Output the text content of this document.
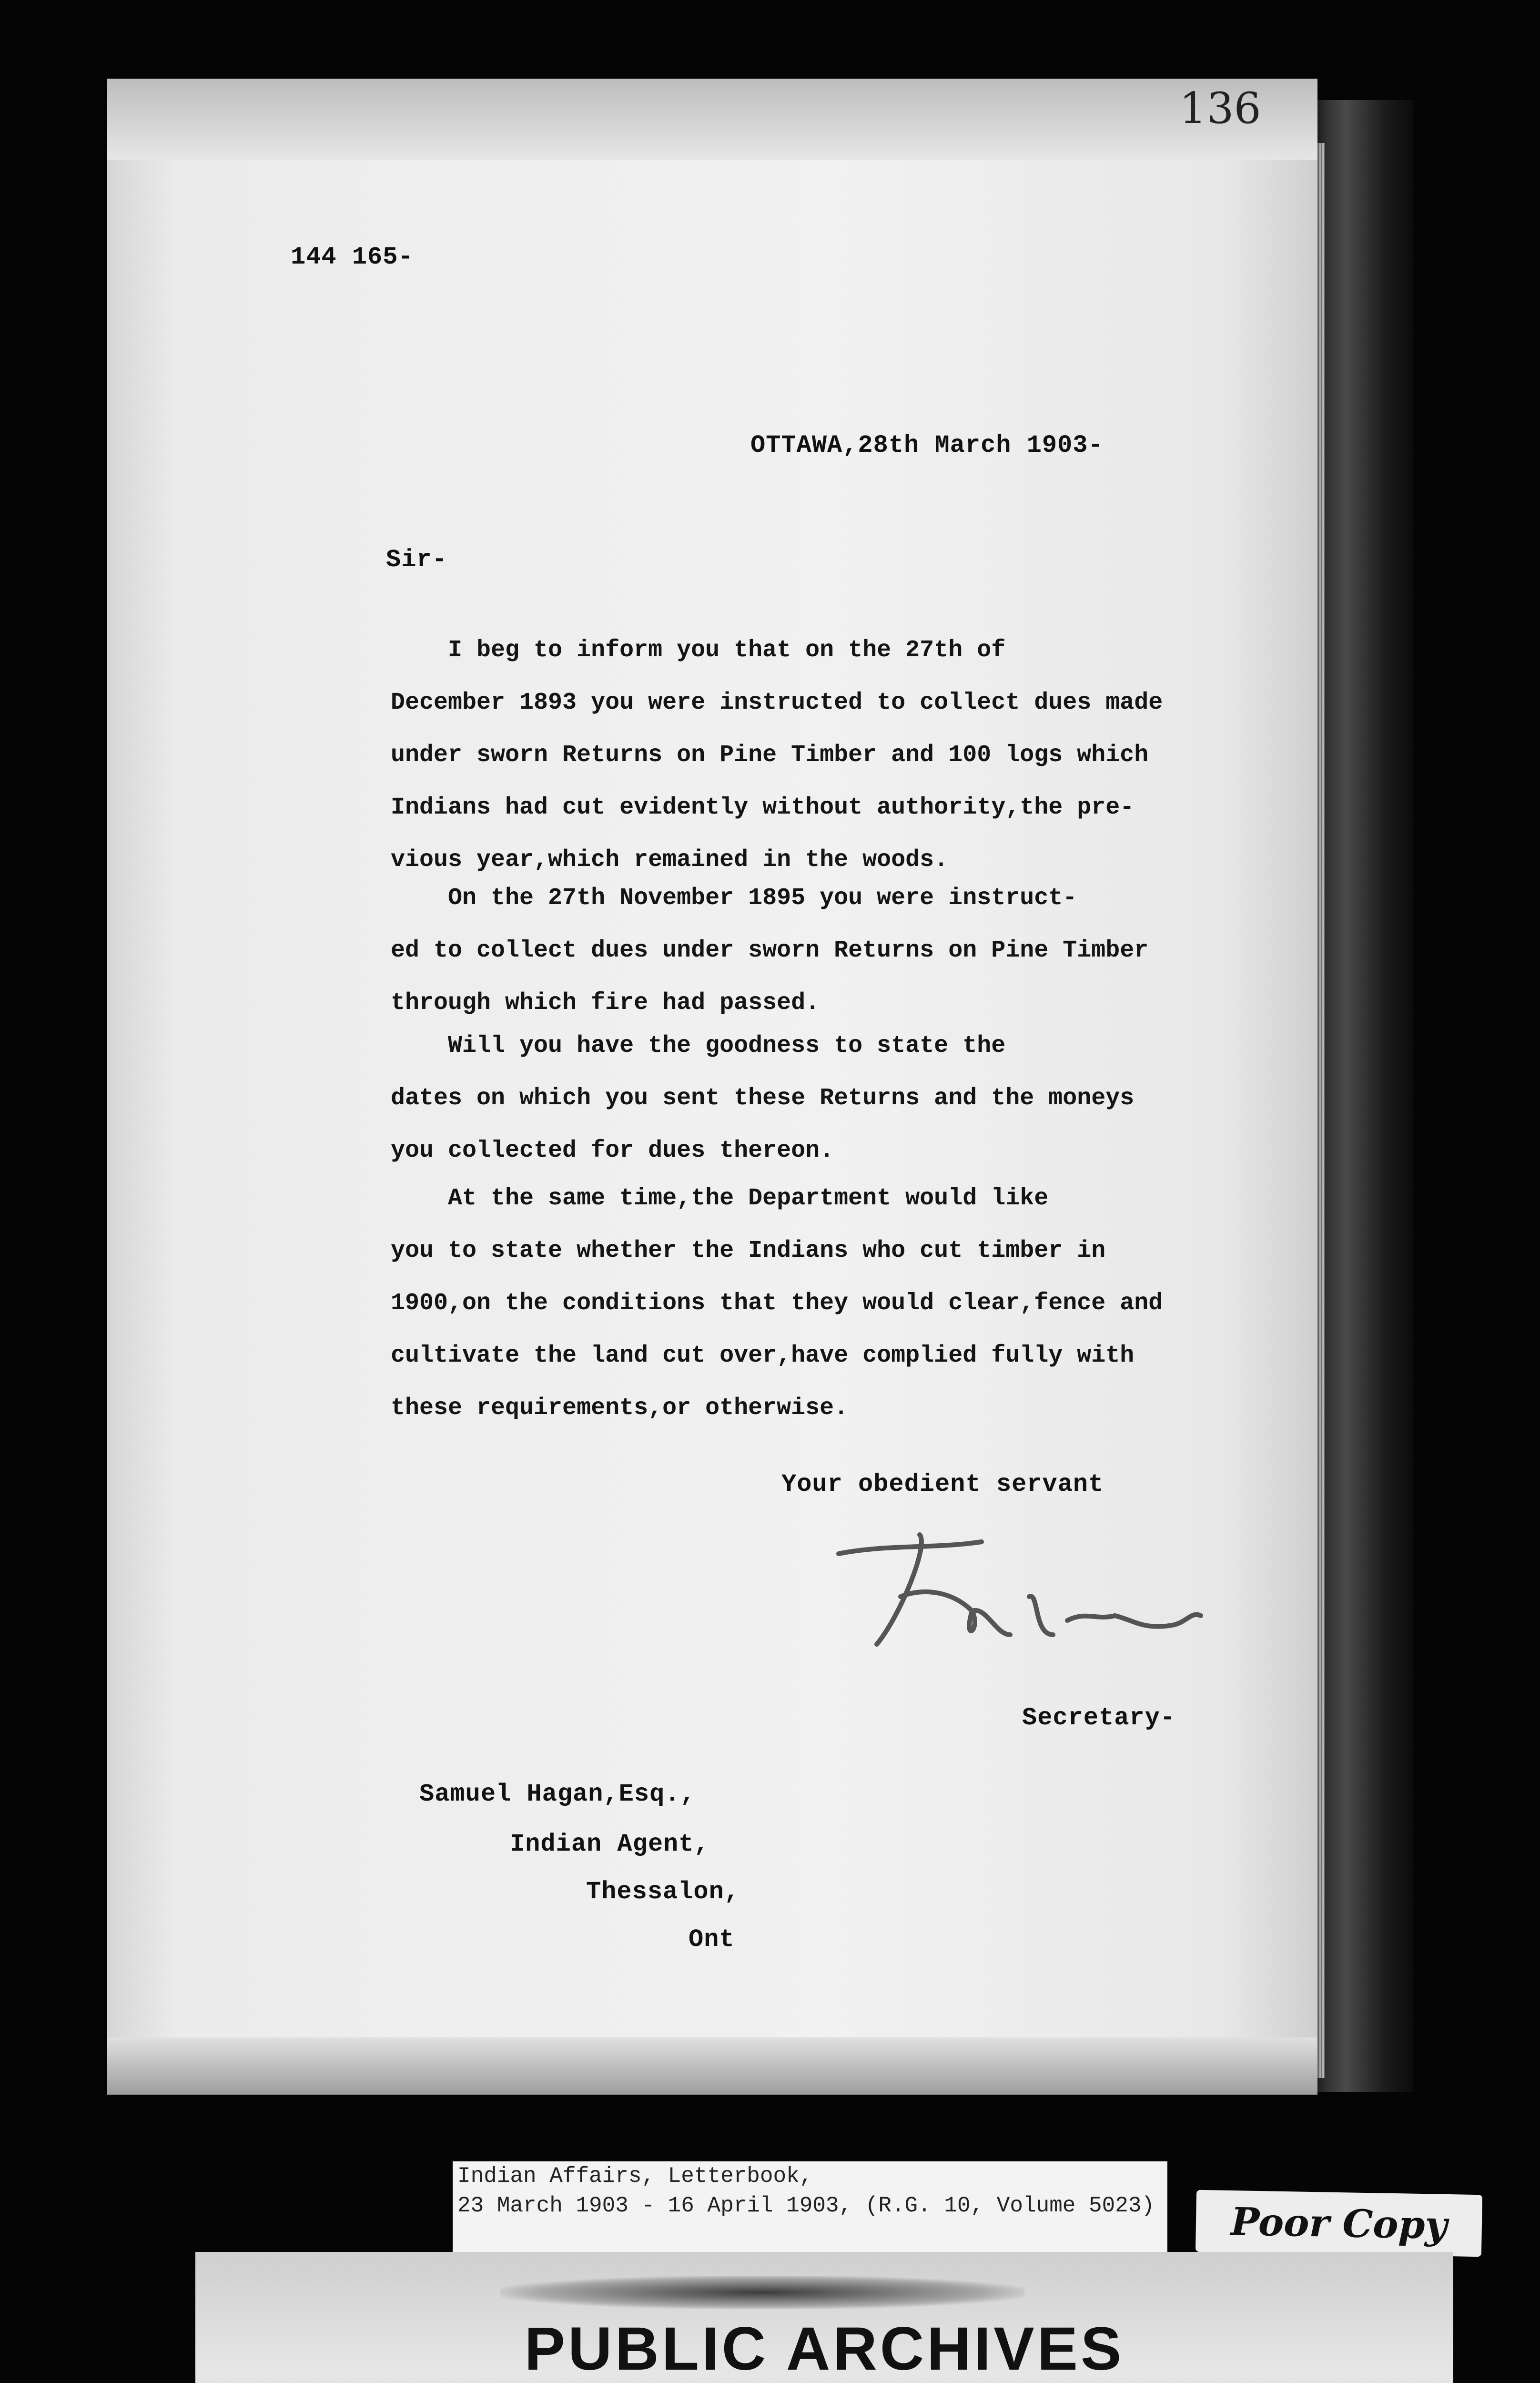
136
144 165-
OTTAWA,28th March 1903-
Sir-
I beg to inform you that on the 27th of
December 1893 you were instructed to collect dues made
under sworn Returns on Pine Timber and 100 logs which
Indians had cut evidently without authority,the pre-
vious year,which remained in the woods.
On the 27th November 1895 you were instruct-
ed to collect dues under sworn Returns on Pine Timber
through which fire had passed.
Will you have the goodness to state the
dates on which you sent these Returns and the moneys
you collected for dues thereon.
At the same time,the Department would like
you to state whether the Indians who cut timber in
1900,on the conditions that they would clear,fence and
cultivate the land cut over,have complied fully with
these requirements,or otherwise.
Your obedient servant
Secretary-
Samuel Hagan,Esq.,
Indian Agent,
Thessalon,
Ont
Indian Affairs, Letterbook,
23 March 1903 - 16 April 1903, (R.G. 10, Volume 5023)	Poor Copy
PUBLIC ARCHIVES
